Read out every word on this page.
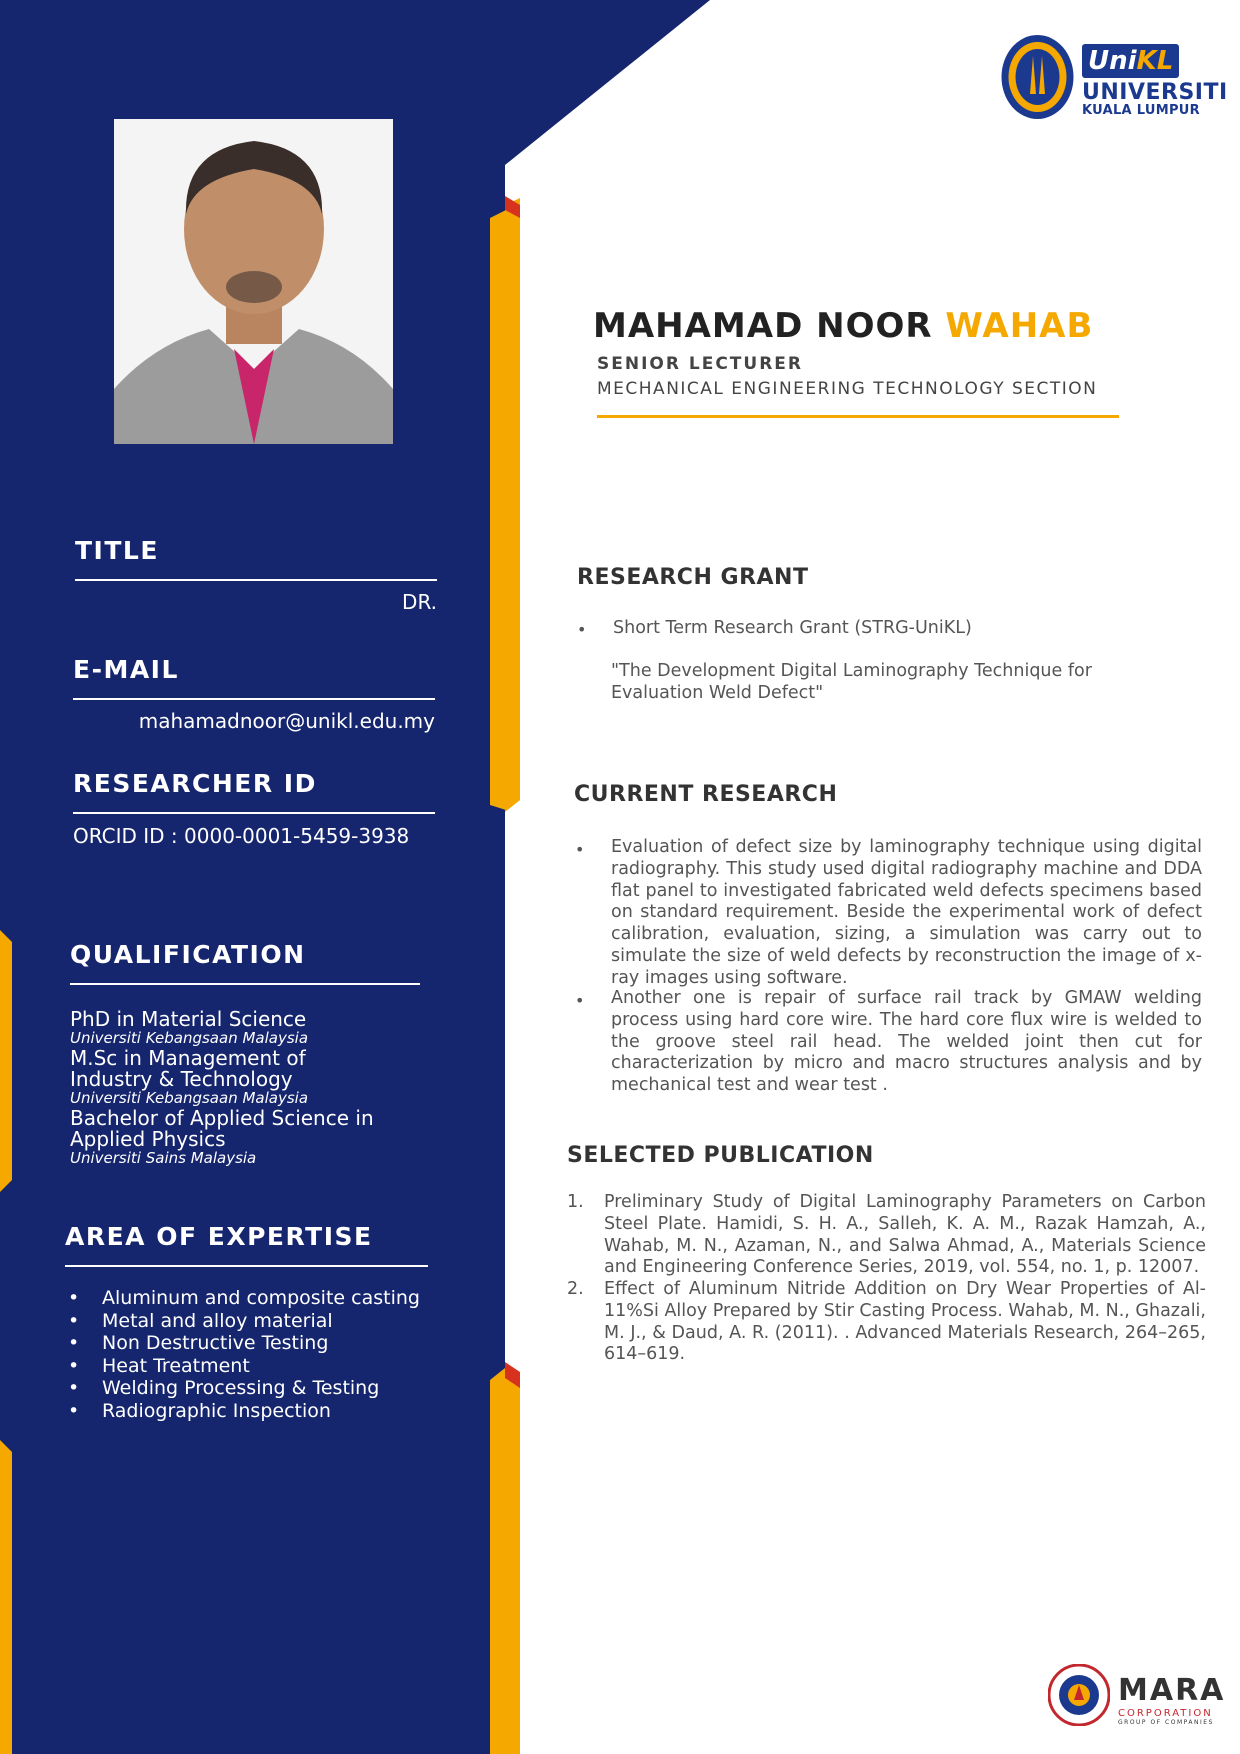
UniKL
UNIVERSITI
KUALA LUMPUR
MAHAMAD NOOR WAHAB
SENIOR LECTURER
MECHANICAL ENGINEERING TECHNOLOGY SECTION
TITLE
DR.
E-MAIL
mahamadnoor@unikl.edu.my
RESEARCHER ID
ORCID ID : 0000-0001-5459-3938
QUALIFICATION
PhD in Material Science
Universiti Kebangsaan Malaysia
M.Sc in Management of
Industry & Technology
Universiti Kebangsaan Malaysia
Bachelor of Applied Science in
Applied Physics
Universiti Sains Malaysia
AREA OF EXPERTISE
• Aluminum and composite casting
• Metal and alloy material
• Non Destructive Testing
• Heat Treatment
• Welding Processing & Testing
• Radiographic Inspection
RESEARCH GRANT
• Short Term Research Grant (STRG-UniKL)
"The Development Digital Laminography Technique for Evaluation Weld Defect"
CURRENT RESEARCH
• Evaluation of defect size by laminography technique using digital radiography. This study used digital radiography machine and DDA flat panel to investigated fabricated weld defects specimens based on standard requirement. Beside the experimental work of defect calibration, evaluation, sizing, a simulation was carry out to simulate the size of weld defects by reconstruction the image of x-ray images using software.
• Another one is repair of surface rail track by GMAW welding process using hard core wire. The hard core flux wire is welded to the groove steel rail head. The welded joint then cut for characterization by micro and macro structures analysis and by mechanical test and wear test .
SELECTED PUBLICATION
1. Preliminary Study of Digital Laminography Parameters on Carbon Steel Plate. Hamidi, S. H. A., Salleh, K. A. M., Razak Hamzah, A., Wahab, M. N., Azaman, N., and Salwa Ahmad, A., Materials Science and Engineering Conference Series, 2019, vol. 554, no. 1, p. 12007.
2. Effect of Aluminum Nitride Addition on Dry Wear Properties of Al-11%Si Alloy Prepared by Stir Casting Process. Wahab, M. N., Ghazali, M. J., & Daud, A. R. (2011). . Advanced Materials Research, 264–265, 614–619.
MARA
CORPORATION
GROUP OF COMPANIES
